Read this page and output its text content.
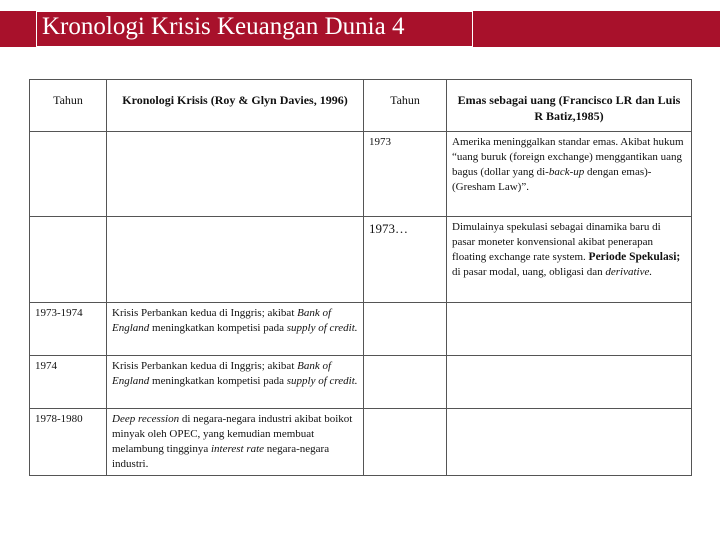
Kronologi Krisis Keuangan Dunia 4
Tahun	Kronologi Krisis (Roy & Glyn Davies, 1996)	Tahun	Emas sebagai uang (Francisco LR dan Luis R Batiz,1985)
		1973	Amerika meninggalkan standar emas. Akibat hukum “uang buruk (foreign exchange) menggantikan uang bagus (dollar yang di-back-up dengan emas)-(Gresham Law)”.
		1973…	Dimulainya spekulasi sebagai dinamika baru di pasar moneter konvensional akibat penerapan floating exchange rate system. Periode Spekulasi; di pasar modal, uang, obligasi dan derivative.
1973-1974	Krisis Perbankan kedua di Inggris; akibat Bank of England meningkatkan kompetisi pada supply of credit.		
1974	Krisis Perbankan kedua di Inggris; akibat Bank of England meningkatkan kompetisi pada supply of credit.		
1978-1980	Deep recession di negara-negara industri akibat boikot minyak oleh OPEC, yang kemudian membuat melambung tingginya interest rate negara-negara industri.		
